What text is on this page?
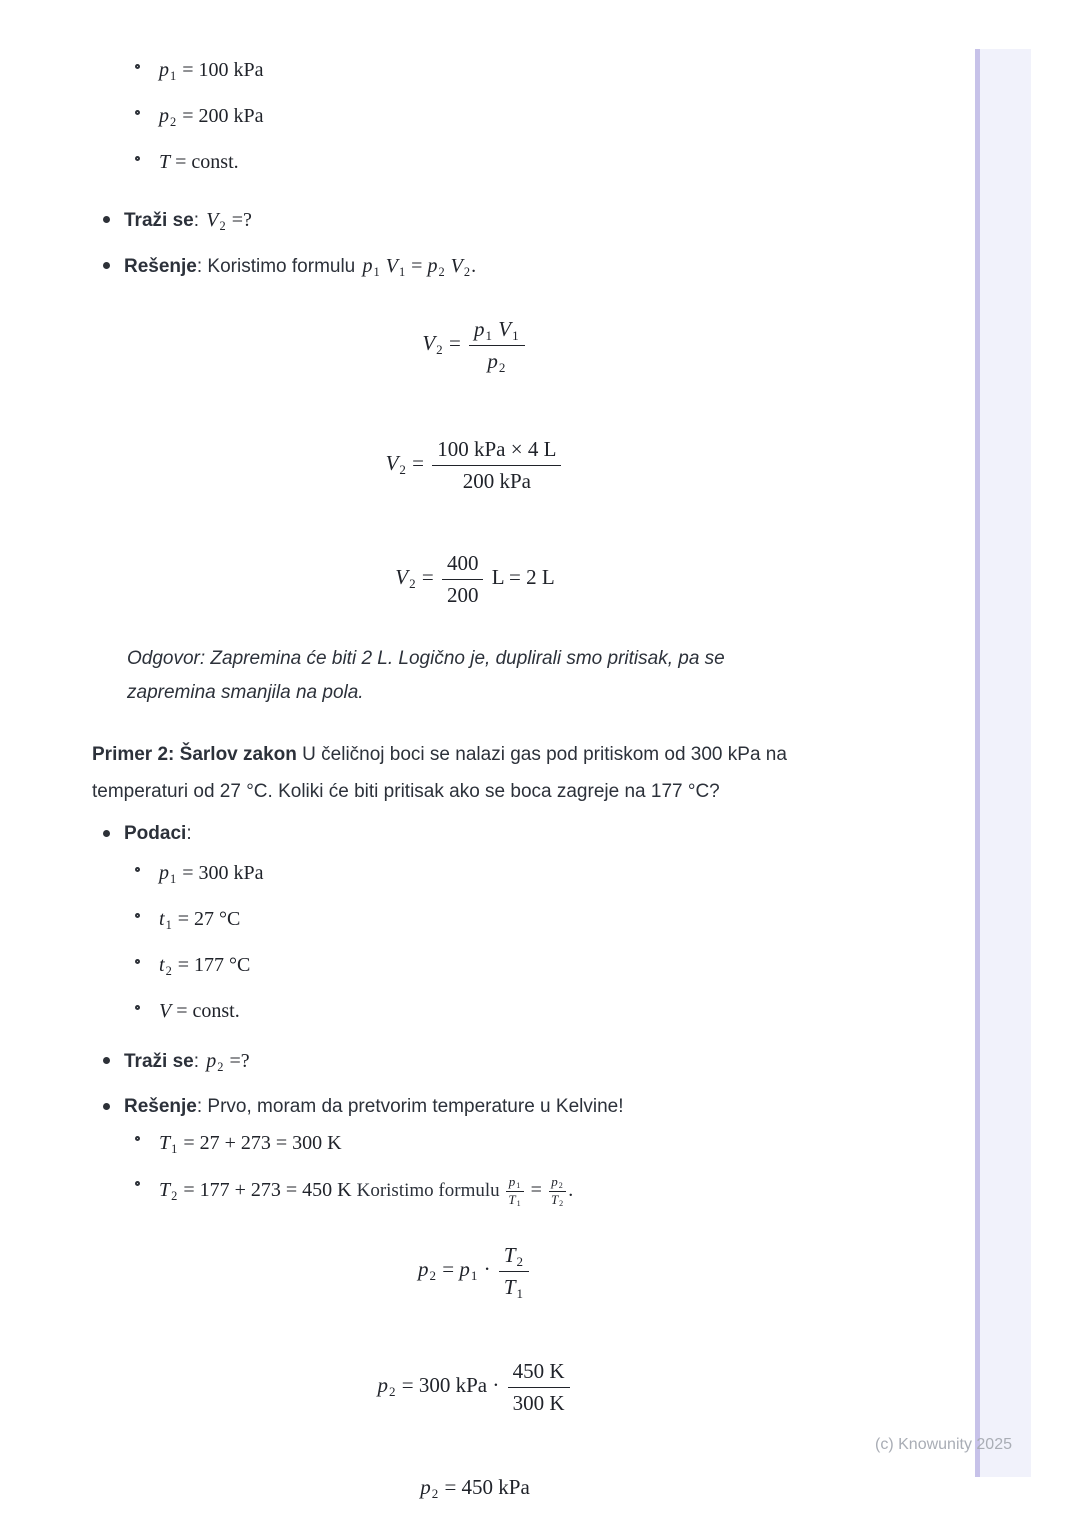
$p_1 = 100$ kPa
$p_2 = 200$ kPa
T = const.
Traži se: $V_2$ =?
Rešenje: Koristimo formulu $p_1$ $V_1 = p_2$ $V_2$.
$V_2 = \frac{p_1 V_1}{p_2}$
$V_2 = \frac{\text{100 kPa × 4 L}}{\text{200 kPa}}$
$V_2 = \frac{400}{200}$ L = 2 L

Odgovor: Zapremina će biti 2 L. Logično je, duplirali smo pritisak, pa se zapremina smanjila na pola.

Primer 2: Šarlov zakon U čeličnoj boci se nalazi gas pod pritiskom od 300 kPa na temperaturi od 27 °C. Koliki će biti pritisak ako se boca zagreje na 177 °C?

Podaci:
$p_1 = 300$ kPa
$t_1 = 27$ °C
$t_2 = 177$ °C
V = const.
Traži se: $p_2$ =?
Rešenje: Prvo, moram da pretvorim temperature u Kelvine!
$T_1 = 27 + 273 = 300$ K
$T_2 = 177 + 273 = 450$ K Koristimo formulu $\frac{p_1}{T_1} = \frac{p_2}{T_2}$ .
$p_2 = p_1 \cdot \frac{T_2}{T_1}$
$p_2 = 300$ kPa · $\frac{450 K}{300 K}$
$p_2 = 450$ kPa
(c) Knowunity 2025
